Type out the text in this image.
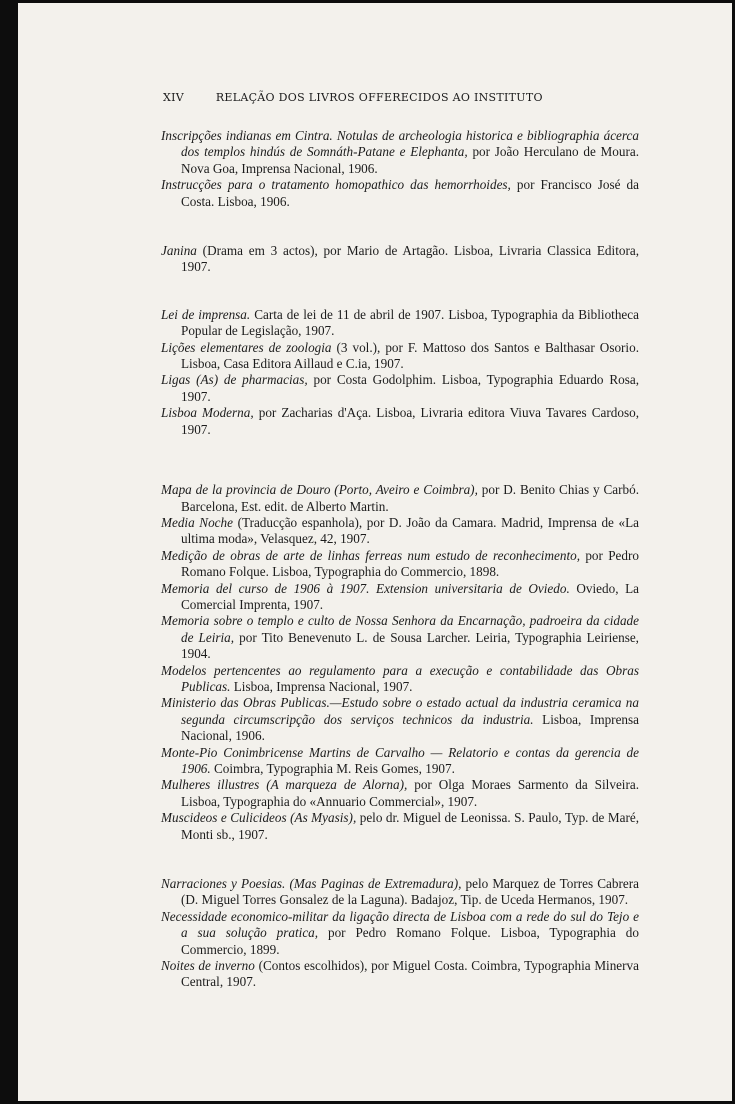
XIV	RELAÇÃO DOS LIVROS OFFERECIDOS AO INSTITUTO

Inscripções indianas em Cintra. Notulas de archeologia historica e bibliographia ácerca dos templos hindús de Somnáth-Patane e Elephanta, por João Herculano de Moura. Nova Goa, Imprensa Nacional, 1906.

Instrucções para o tratamento homopathico das hemorrhoides, por Francisco José da Costa. Lisboa, 1906.

Janina (Drama em 3 actos), por Mario de Artagão. Lisboa, Livraria Classica Editora, 1907.

Lei de imprensa. Carta de lei de 11 de abril de 1907. Lisboa, Typographia da Bibliotheca Popular de Legislação, 1907.

Lições elementares de zoologia (3 vol.), por F. Mattoso dos Santos e Balthasar Osorio. Lisboa, Casa Editora Aillaud e C.ia, 1907.

Ligas (As) de pharmacias, por Costa Godolphim. Lisboa, Typographia Eduardo Rosa, 1907.

Lisboa Moderna, por Zacharias d'Aça. Lisboa, Livraria editora Viuva Tavares Cardoso, 1907.

Mapa de la provincia de Douro (Porto, Aveiro e Coimbra), por D. Benito Chias y Carbó. Barcelona, Est. edit. de Alberto Martin.

Media Noche (Traducção espanhola), por D. João da Camara. Madrid, Imprensa de «La ultima moda», Velasquez, 42, 1907.

Medição de obras de arte de linhas ferreas num estudo de reconhecimento, por Pedro Romano Folque. Lisboa, Typographia do Commercio, 1898.

Memoria del curso de 1906 à 1907. Extension universitaria de Oviedo. Oviedo, La Comercial Imprenta, 1907.

Memoria sobre o templo e culto de Nossa Senhora da Encarnação, padroeira da cidade de Leiria, por Tito Benevenuto L. de Sousa Larcher. Leiria, Typographia Leiriense, 1904.

Modelos pertencentes ao regulamento para a execução e contabilidade das Obras Publicas. Lisboa, Imprensa Nacional, 1907.

Ministerio das Obras Publicas.—Estudo sobre o estado actual da industria ceramica na segunda circumscripção dos serviços technicos da industria. Lisboa, Imprensa Nacional, 1906.

Monte-Pio Conimbricense Martins de Carvalho — Relatorio e contas da gerencia de 1906. Coimbra, Typographia M. Reis Gomes, 1907.

Mulheres illustres (A marqueza de Alorna), por Olga Moraes Sarmento da Silveira. Lisboa, Typographia do «Annuario Commercial», 1907.

Muscideos e Culicideos (As Myasis), pelo dr. Miguel de Leonissa. S. Paulo, Typ. de Maré, Monti sb., 1907.

Narraciones y Poesias. (Mas Paginas de Extremadura), pelo Marquez de Torres Cabrera (D. Miguel Torres Gonsalez de la Laguna). Badajoz, Tip. de Uceda Hermanos, 1907.

Necessidade economico-militar da ligação directa de Lisboa com a rede do sul do Tejo e a sua solução pratica, por Pedro Romano Folque. Lisboa, Typographia do Commercio, 1899.

Noites de inverno (Contos escolhidos), por Miguel Costa. Coimbra, Typographia Minerva Central, 1907.
